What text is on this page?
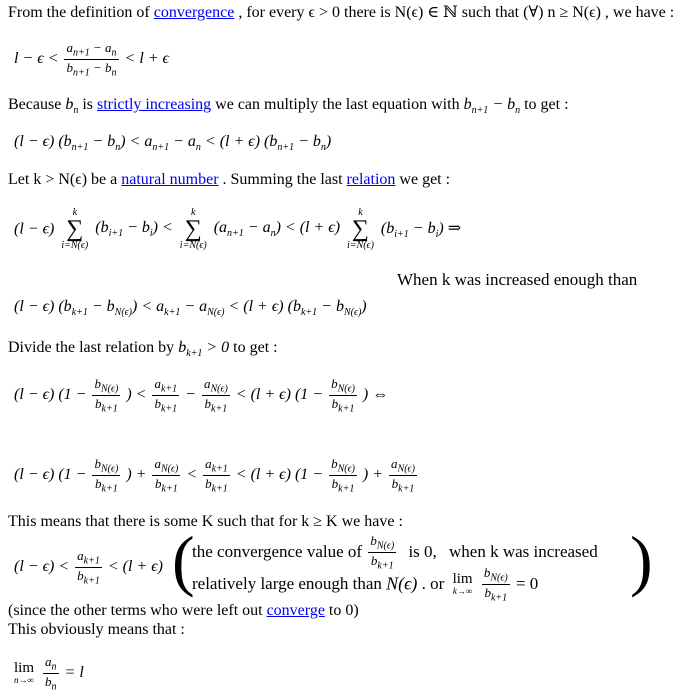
From the definition of convergence , for every ϵ > 0 there is N(ϵ) ∈ ℕ such that (∀) n ≥ N(ϵ) , we have :
$l - \epsilon < \frac{a_{n+1} - a_n}{b_{n+1} - b_n} < l + \epsilon$
Because $b_n$ is strictly increasing we can multiply the last equation with $b_{n+1} - b_n$ to get :
(l − ϵ) $(b_{n+1} - b_n) < a_{n+1} - a_n < (l + \epsilon) (b_{n+1} - b_n)$
Let k > N(ϵ) be a natural number . Summing the last relation we get :
(l − ϵ)
k
∑
i=N(ϵ)
$(b_{i+1} - b_i)$ <
k
∑
i=N(ϵ)
$(a_{n+1} - a_n) < (l + \epsilon)$
k
∑
i=N(ϵ)
$(b_{i+1} - b_i)$ ⇒
When k was increased enough than
(l − ϵ) $(b_{k+1} - b_{N(\epsilon)}) < a_{k+1} - a_{N(\epsilon)} < (l + \epsilon) (b_{k+1} - b_{N(\epsilon)})$
Divide the last relation by $b_{k+1} > 0$ to get :
(l − ϵ) ($1 - \frac{b_{N(\epsilon)}}{b_{k+1}}$ ) < $\frac{a_{k+1}}{b_{k+1}} - \frac{a_{N(\epsilon)}}{b_{k+1}} < (l + \epsilon) (1 - \frac{b_{N(\epsilon)}}{b_{k+1}}$ ) ⇔
(l − ϵ) ($1 - \frac{b_{N(\epsilon)}}{b_{k+1}}$ ) + $\frac{a_{N(\epsilon)}}{b_{k+1}} < \frac{a_{k+1}}{b_{k+1}} < (l + \epsilon) (1 - \frac{b_{N(\epsilon)}}{b_{k+1}}$ ) + $\frac{a_{N(\epsilon)}}{b_{k+1}}$
This means that there is some K such that for k ≥ K we have :
$(l - \epsilon) < \frac{a_{k+1}}{b_{k+1}} < (l + \epsilon)$ (	)
the convergence value of $\frac{b_{N(\epsilon)}}{b_{k+1}}$ is 0, when k was increased
relatively large enough than N(ϵ) . or lim
k→∞
$\frac{b_{N(\epsilon)}}{b_{k+1}} = 0$
(since the other terms who were left out converge to 0)
This obviously means that :
lim
n→∞
$\frac{a_n}{b_n} = l$
